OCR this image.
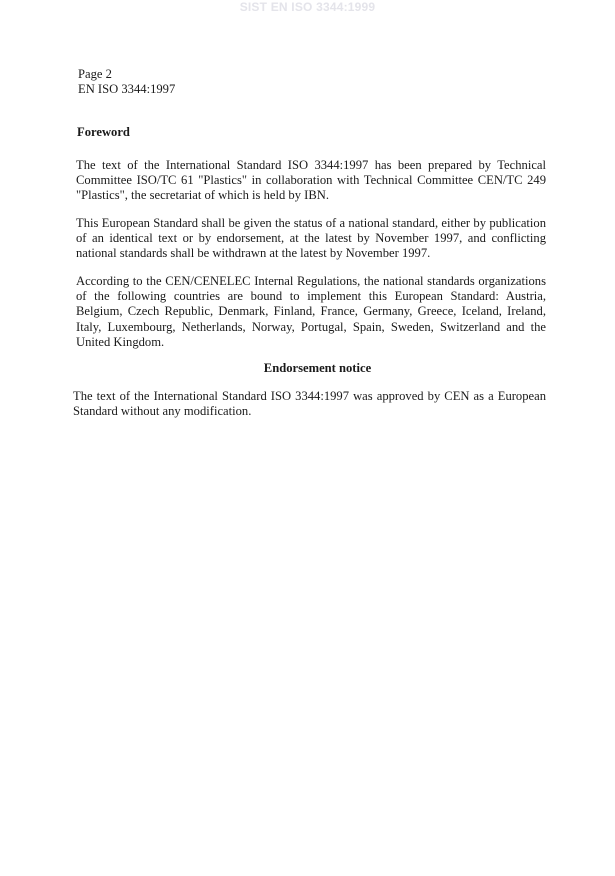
SIST EN ISO 3344:1999
Page 2
EN ISO 3344:1997
Foreword

The text of the International Standard ISO 3344:1997 has been prepared by Technical Committee ISO/TC 61 "Plastics" in collaboration with Technical Committee CEN/TC 249 "Plastics", the secretariat of which is held by IBN.

This European Standard shall be given the status of a national standard, either by publication of an identical text or by endorsement, at the latest by November 1997, and conflicting national standards shall be withdrawn at the latest by November 1997.

According to the CEN/CENELEC Internal Regulations, the national standards organizations of the following countries are bound to implement this European Standard: Austria, Belgium, Czech Republic, Denmark, Finland, France, Germany, Greece, Iceland, Ireland, Italy, Luxembourg, Netherlands, Norway, Portugal, Spain, Sweden, Switzerland and the United Kingdom.

Endorsement notice

The text of the International Standard ISO 3344:1997 was approved by CEN as a European Standard without any modification.
